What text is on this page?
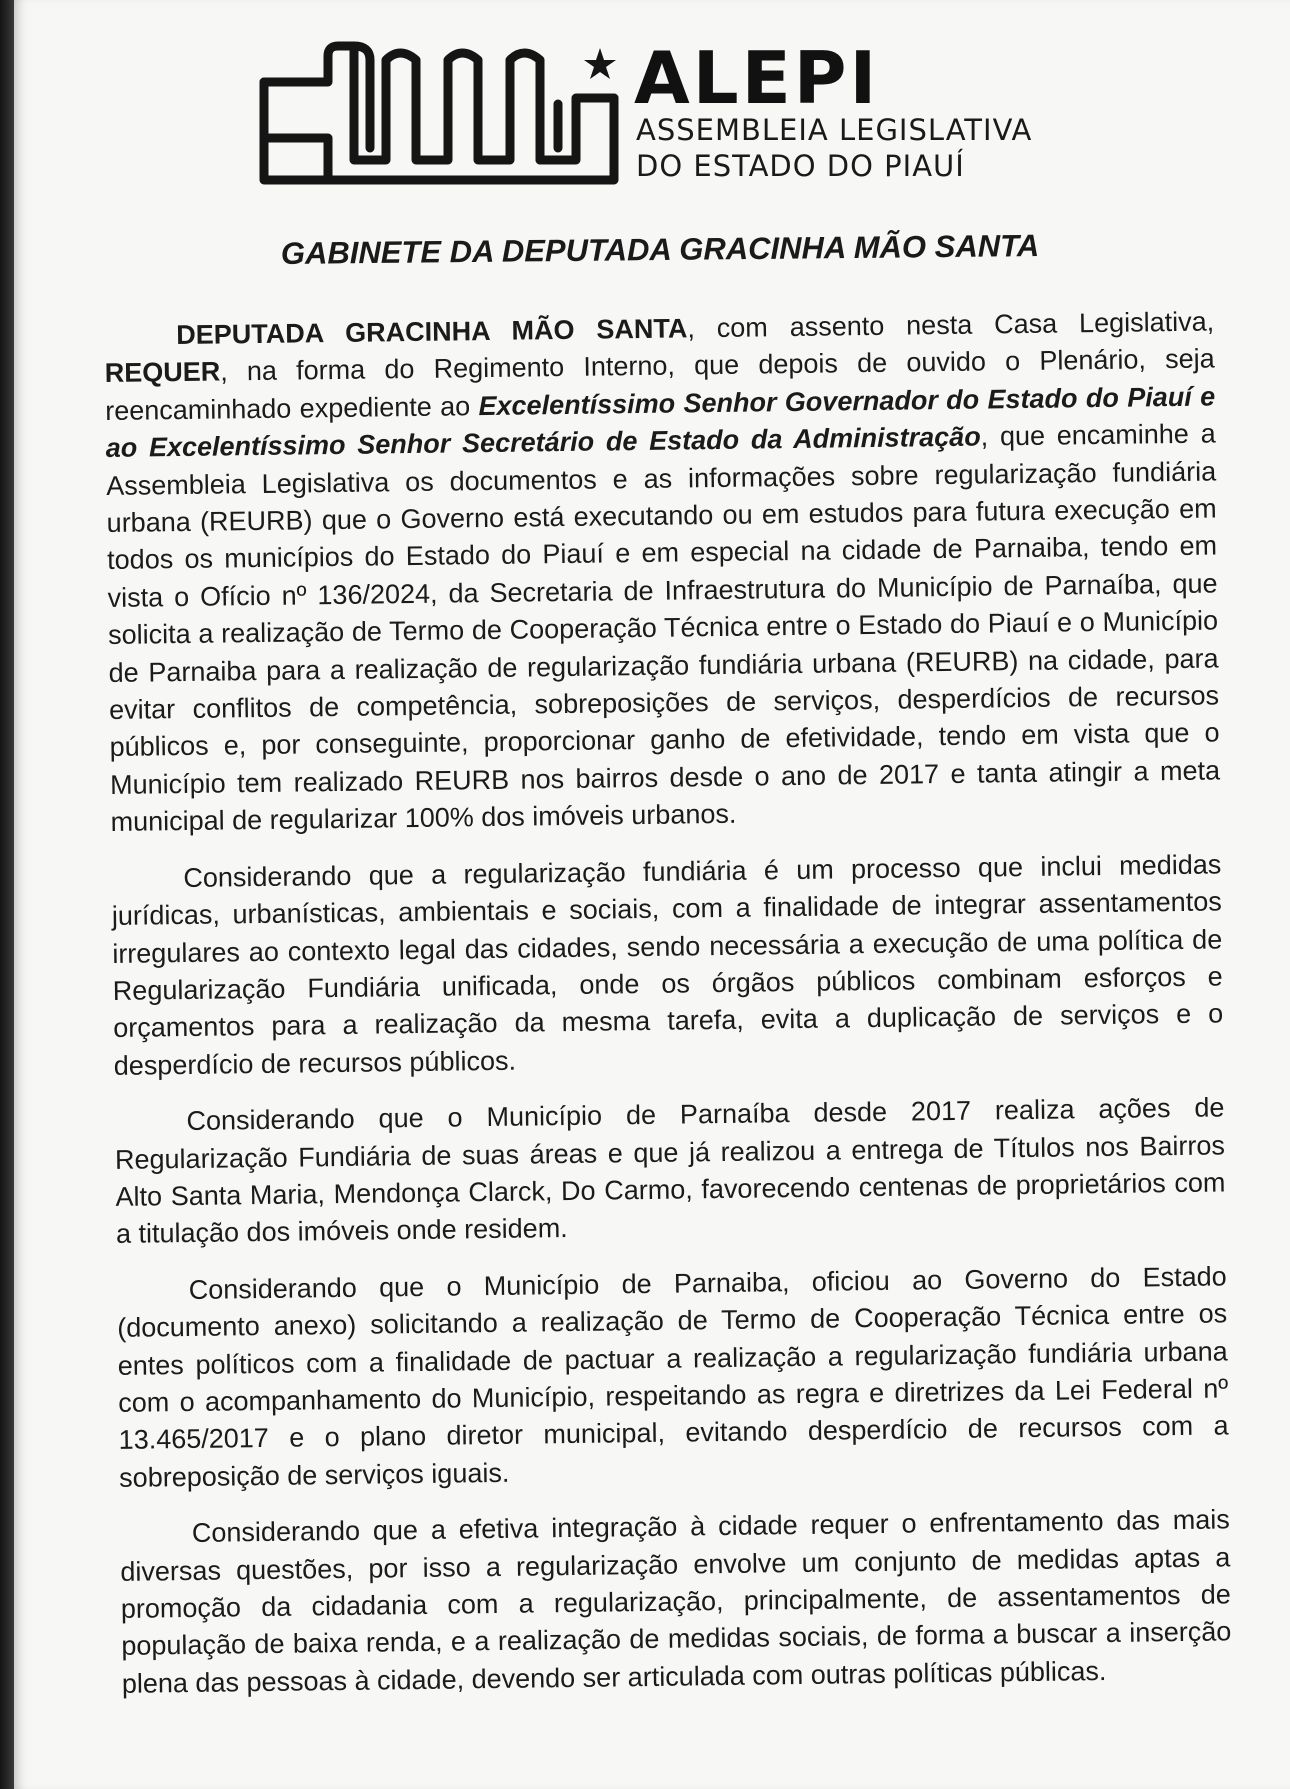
ALEPI
ASSEMBLEIA LEGISLATIVA
DO ESTADO DO PIAUÍ
GABINETE DA DEPUTADA GRACINHA MÃO SANTA

DEPUTADA GRACINHA MÃO SANTA, com assento nesta Casa Legislativa, REQUER, na forma do Regimento Interno, que depois de ouvido o Plenário, seja reencaminhado expediente ao Excelentíssimo Senhor Governador do Estado do Piauí e ao Excelentíssimo Senhor Secretário de Estado da Administração, que encaminhe a Assembleia Legislativa os documentos e as informações sobre regularização fundiária urbana (REURB) que o Governo está executando ou em estudos para futura execução em todos os municípios do Estado do Piauí e em especial na cidade de Parnaiba, tendo em vista o Ofício nº 136/2024, da Secretaria de Infraestrutura do Município de Parnaíba, que solicita a realização de Termo de Cooperação Técnica entre o Estado do Piauí e o Município de Parnaiba para a realização de regularização fundiária urbana (REURB) na cidade, para evitar conflitos de competência, sobreposições de serviços, desperdícios de recursos públicos e, por conseguinte, proporcionar ganho de efetividade, tendo em vista que o Município tem realizado REURB nos bairros desde o ano de 2017 e tanta atingir a meta municipal de regularizar 100% dos imóveis urbanos.

Considerando que a regularização fundiária é um processo que inclui medidas jurídicas, urbanísticas, ambientais e sociais, com a finalidade de integrar assentamentos irregulares ao contexto legal das cidades, sendo necessária a execução de uma política de Regularização Fundiária unificada, onde os órgãos públicos combinam esforços e orçamentos para a realização da mesma tarefa, evita a duplicação de serviços e o desperdício de recursos públicos.

Considerando que o Município de Parnaíba desde 2017 realiza ações de Regularização Fundiária de suas áreas e que já realizou a entrega de Títulos nos Bairros Alto Santa Maria, Mendonça Clarck, Do Carmo, favorecendo centenas de proprietários com a titulação dos imóveis onde residem.

Considerando que o Município de Parnaiba, oficiou ao Governo do Estado (documento anexo) solicitando a realização de Termo de Cooperação Técnica entre os entes políticos com a finalidade de pactuar a realização a regularização fundiária urbana com o acompanhamento do Município, respeitando as regra e diretrizes da Lei Federal nº 13.465/2017 e o plano diretor municipal, evitando desperdício de recursos com a sobreposição de serviços iguais.

Considerando que a efetiva integração à cidade requer o enfrentamento das mais diversas questões, por isso a regularização envolve um conjunto de medidas aptas a promoção da cidadania com a regularização, principalmente, de assentamentos de população de baixa renda, e a realização de medidas sociais, de forma a buscar a inserção plena das pessoas à cidade, devendo ser articulada com outras políticas públicas.
